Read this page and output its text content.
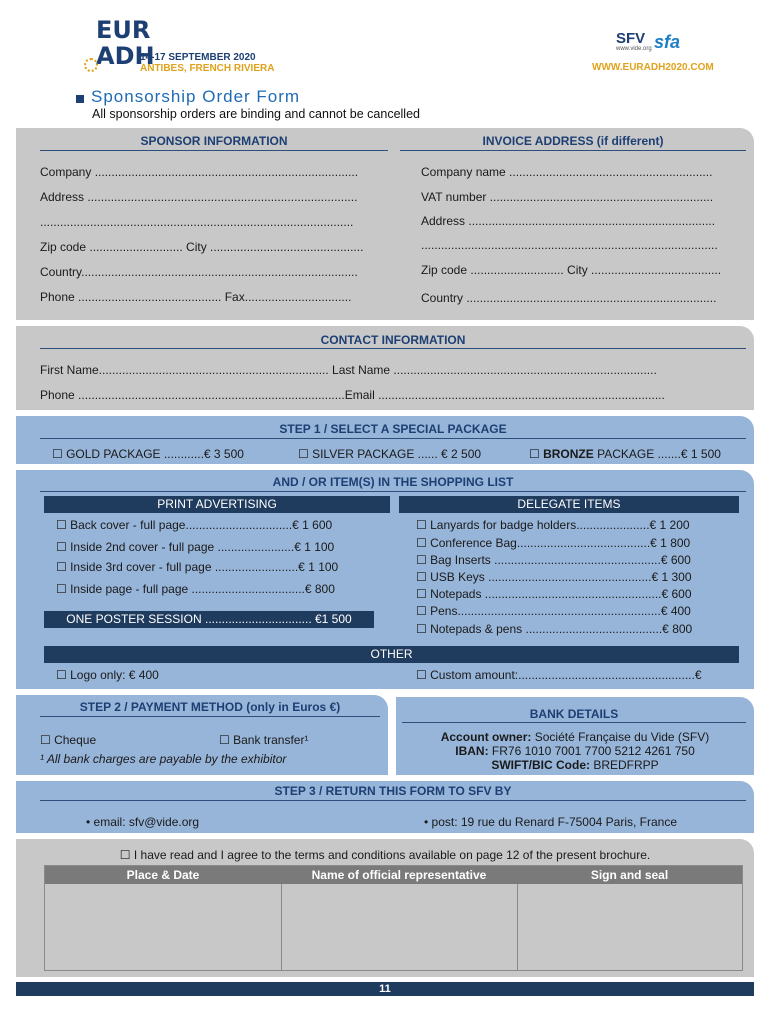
EUR
ADH
14-17 SEPTEMBER 2020
ANTIBES, FRENCH RIVIERA
SFV
www.vide.org sfa
WWW.EURADH2020.COM
Sponsorship Order Form
All sponsorship orders are binding and cannot be cancelled
SPONSOR INFORMATION	INVOICE ADDRESS (if different)
Company ...............................................................................
Address .................................................................................
..............................................................................................
Zip code ............................ City ..............................................
Country...................................................................................
Phone ........................................... Fax................................
Company name .............................................................
VAT number ...................................................................
Address ..........................................................................
.........................................................................................
Zip code ............................ City .......................................
Country ...........................................................................
CONTACT INFORMATION
First Name..................................................................... Last Name ...............................................................................
Phone ................................................................................Email ......................................................................................
STEP 1 / SELECT A SPECIAL PACKAGE
☐ GOLD PACKAGE ............€ 3 500	☐ SILVER PACKAGE ...... € 2 500	☐ BRONZE PACKAGE .......€ 1 500
AND / OR ITEM(S) IN THE SHOPPING LIST
PRINT ADVERTISING	DELEGATE ITEMS
☐ Back cover - full page................................€ 1 600
☐ Inside 2nd cover - full page .......................€ 1 100
☐ Inside 3rd cover - full page .........................€ 1 100
☐ Inside page - full page ..................................€ 800
ONE POSTER SESSION ................................ €1 500
☐ Lanyards for badge holders......................€ 1 200
☐ Conference Bag........................................€ 1 800
☐ Bag Inserts ..................................................€ 600
☐ USB Keys .................................................€ 1 300
☐ Notepads .....................................................€ 600
☐ Pens.............................................................€ 400
☐ Notepads & pens .........................................€ 800
OTHER
☐ Logo only: € 400	☐ Custom amount:.....................................................€
STEP 2 / PAYMENT METHOD (only in Euros €)
☐ Cheque	☐ Bank transfer¹
¹ All bank charges are payable by the exhibitor
BANK DETAILS
Account owner: Société Française du Vide (SFV)
IBAN: FR76 1010 7001 7700 5212 4261 750
SWIFT/BIC Code: BREDFRPP
STEP 3 / RETURN THIS FORM TO SFV BY
• email: sfv@vide.org	• post: 19 rue du Renard F-75004 Paris, France
☐ I have read and I agree to the terms and conditions available on page 12 of the present brochure.
Place & Date	Name of official representative	Sign and seal
11
